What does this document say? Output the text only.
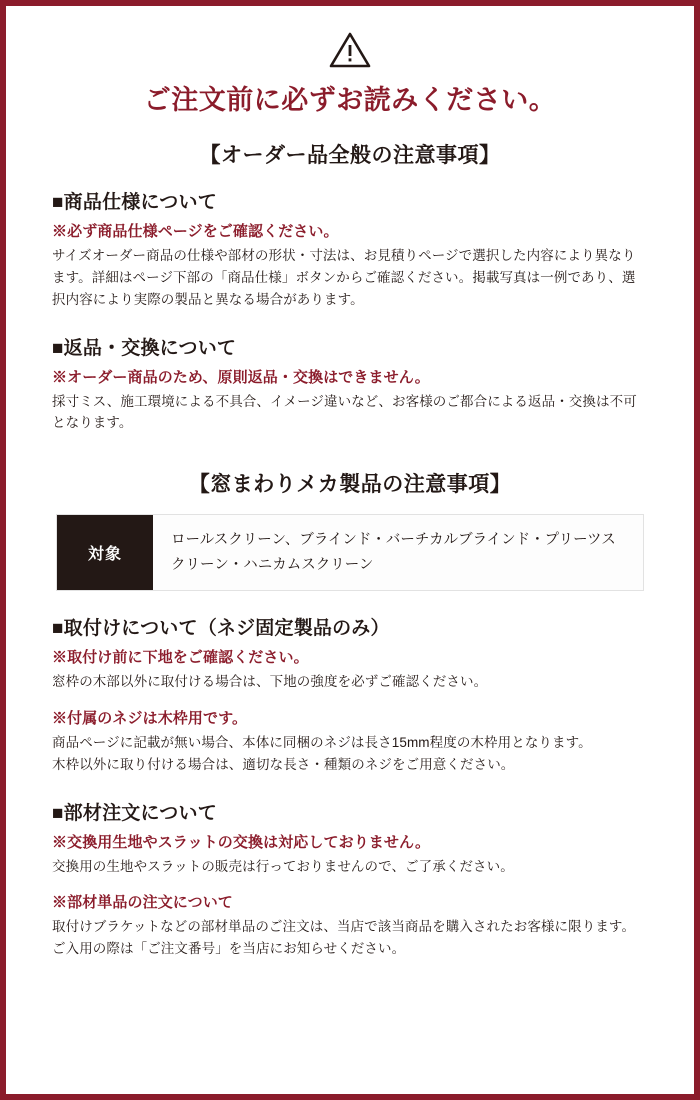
ご注文前に必ずお読みください。
【オーダー品全般の注意事項】
■商品仕様について

※必ず商品仕様ページをご確認ください。

サイズオーダー商品の仕様や部材の形状・寸法は、お見積りページで選択した内容により異なります。詳細はページ下部の「商品仕様」ボタンからご確認ください。掲載写真は一例であり、選択内容により実際の製品と異なる場合があります。

■返品・交換について

※オーダー商品のため、原則返品・交換はできません。

採寸ミス、施工環境による不具合、イメージ違いなど、お客様のご都合による返品・交換は不可となります。

【窓まわりメカ製品の注意事項】
対象
ロールスクリーン、ブラインド・バーチカルブラインド・プリーツスクリーン・ハニカムスクリーン
■取付けについて（ネジ固定製品のみ）

※取付け前に下地をご確認ください。

窓枠の木部以外に取付ける場合は、下地の強度を必ずご確認ください。

※付属のネジは木枠用です。

商品ページに記載が無い場合、本体に同梱のネジは長さ15mm程度の木枠用となります。

木枠以外に取り付ける場合は、適切な長さ・種類のネジをご用意ください。

■部材注文について

※交換用生地やスラットの交換は対応しておりません。

交換用の生地やスラットの販売は行っておりませんので、ご了承ください。

※部材単品の注文について

取付けブラケットなどの部材単品のご注文は、当店で該当商品を購入されたお客様に限ります。ご入用の際は「ご注文番号」を当店にお知らせください。
